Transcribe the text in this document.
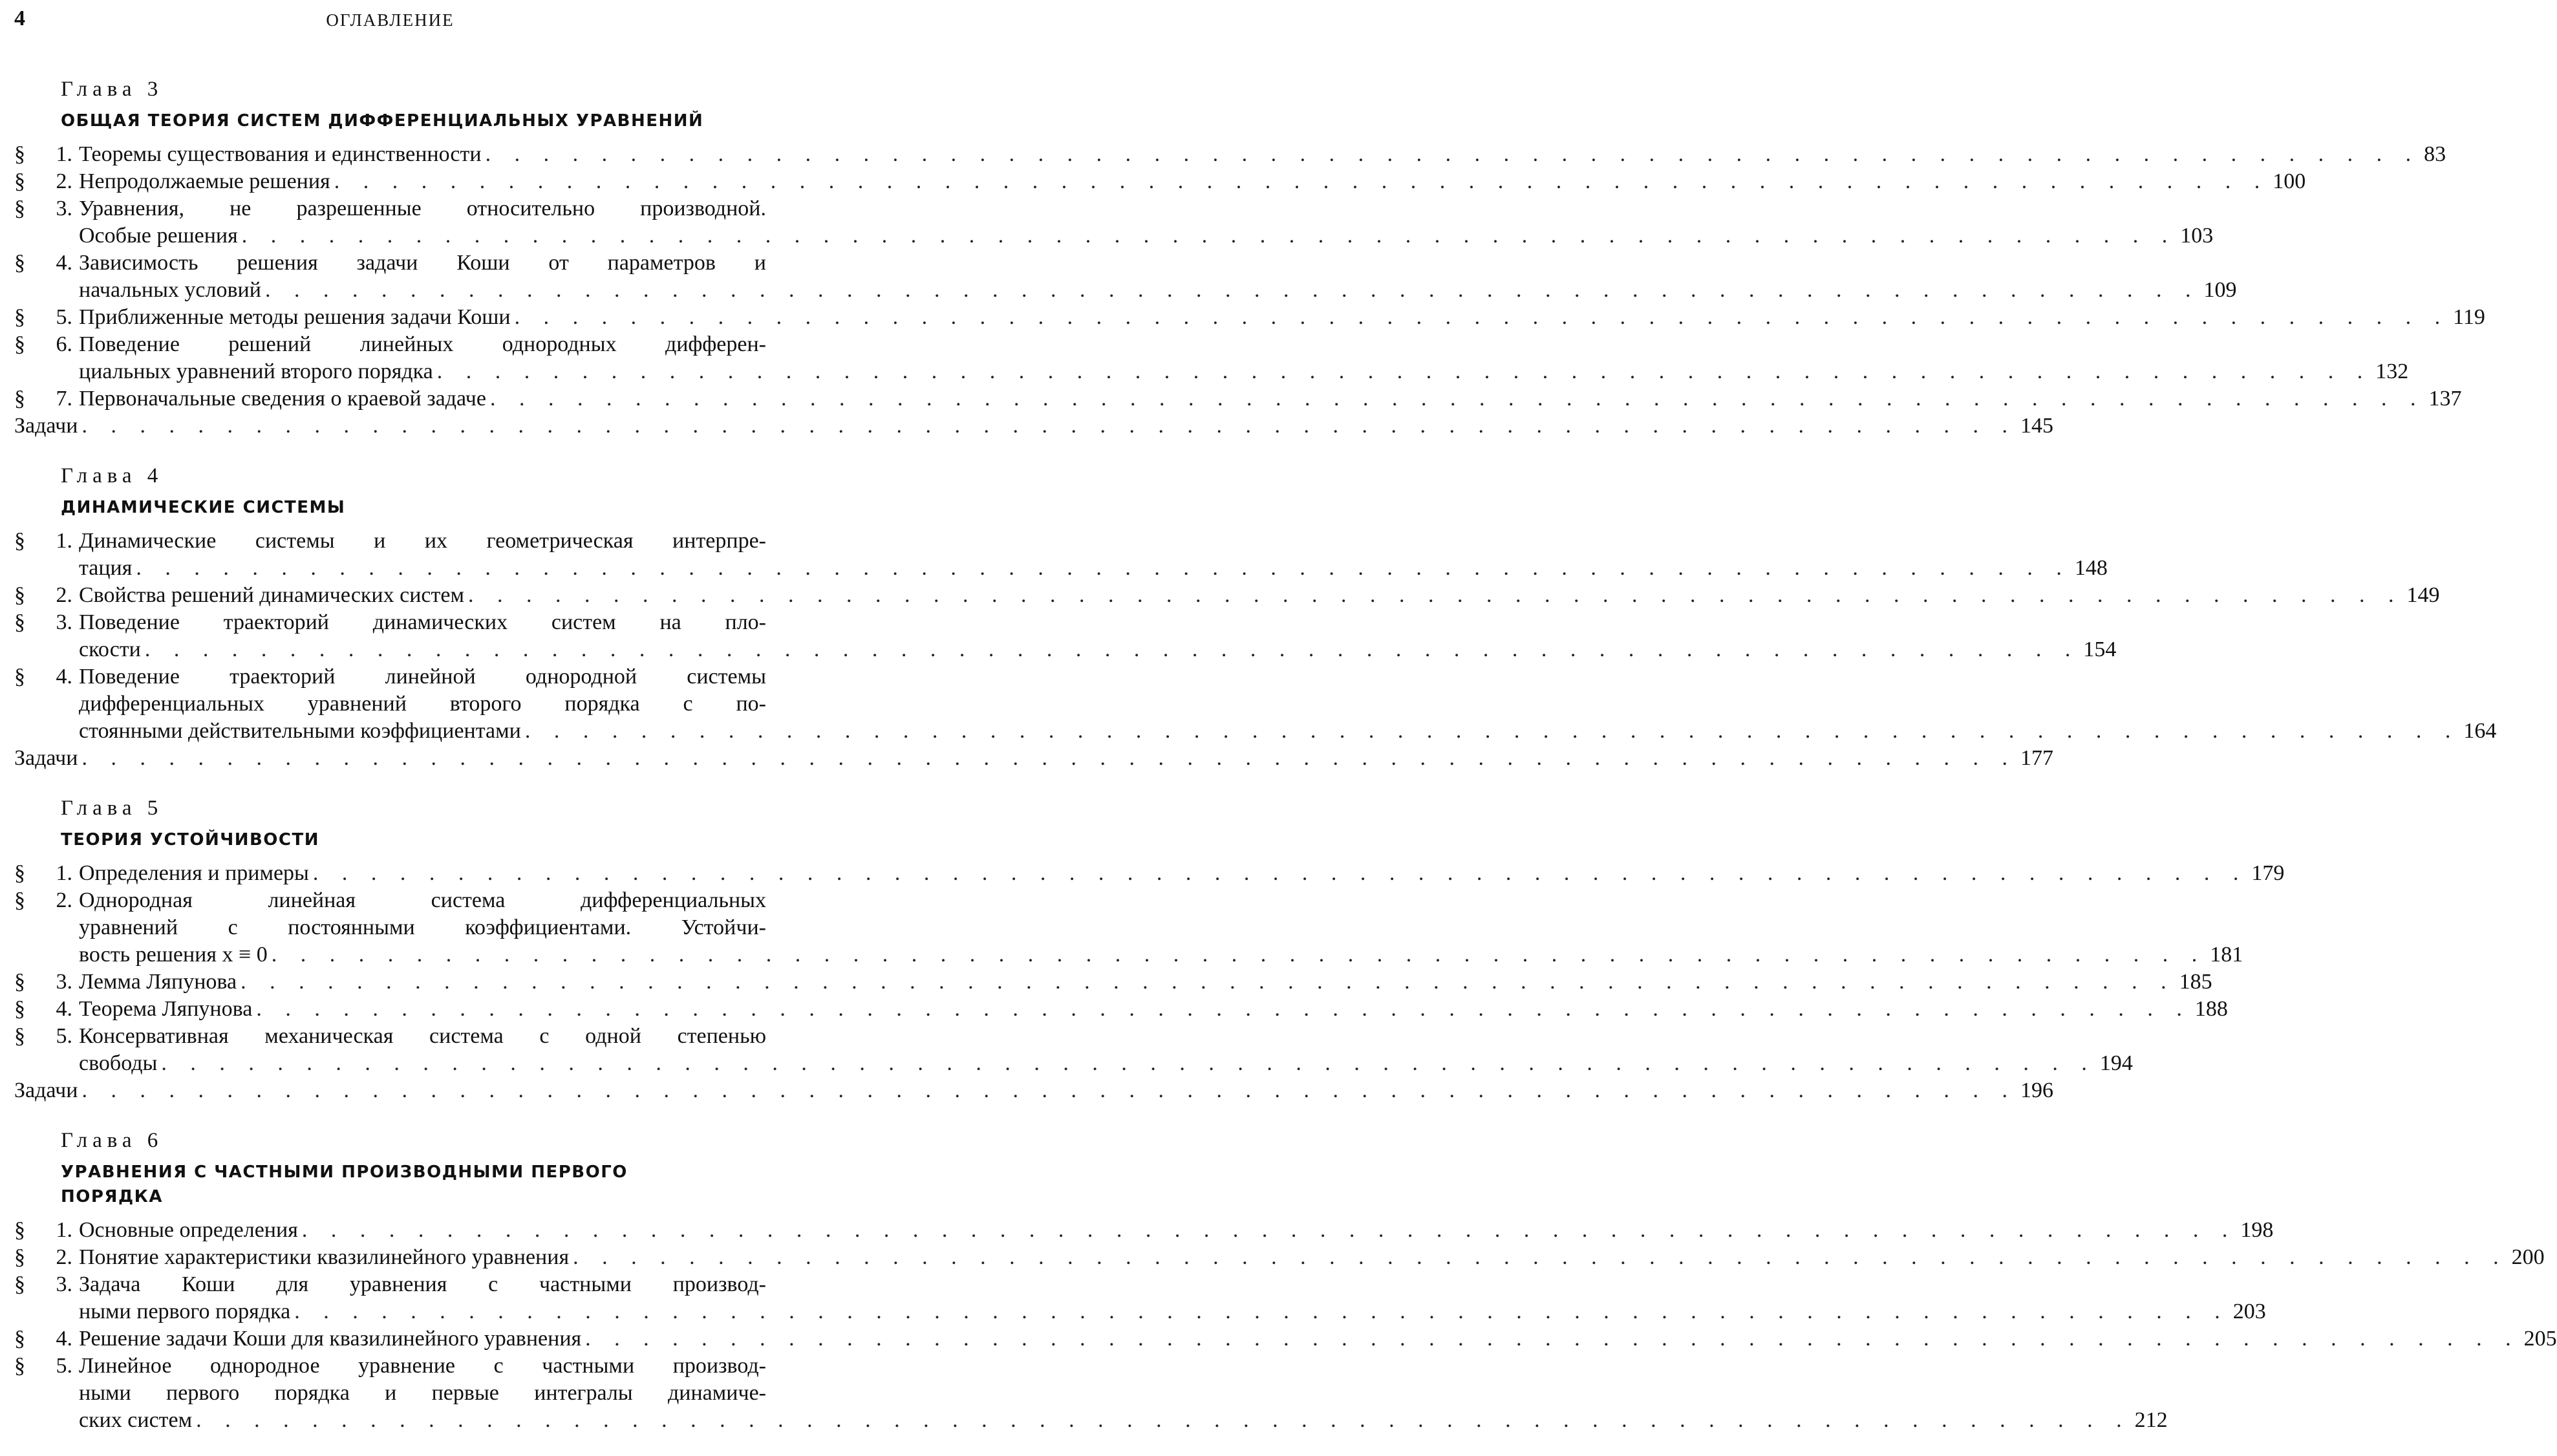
4	ОГЛАВЛЕНИЕ
Глава 3
ОБЩАЯ ТЕОРИЯ СИСТЕМ ДИФФЕРЕНЦИАЛЬНЫХ УРАВНЕНИЙ
§	1. Теоремы существования и единственности . . .	83
§	2. Непродолжаемые решения . . .	100
§	3. Уравнения, не разрешенные относительно производной.
Особые решения . . .	103
§	4. Зависимость решения задачи Коши от параметров и
начальных условий . . .	109
§	5. Приближенные методы решения задачи Коши . . .	119
§	6. Поведение решений линейных однородных дифферен-
циальных уравнений второго порядка . . .	132
§	7. Первоначальные сведения о краевой задаче . . .	137
Задачи . . .	145
Глава 4
ДИНАМИЧЕСКИЕ СИСТЕМЫ
§	1. Динамические системы и их геометрическая интерпре-
тация . . .	148
§	2. Свойства решений динамических систем . . .	149
§	3. Поведение траекторий динамических систем на пло-
скости . . .	154
§	4. Поведение траекторий линейной однородной системы
дифференциальных уравнений второго порядка с по-
стоянными действительными коэффициентами . . .	164
Задачи . . .	177
Глава 5
ТЕОРИЯ УСТОЙЧИВОСТИ
§	1. Определения и примеры . . .	179
§	2. Однородная линейная система дифференциальных
уравнений с постоянными коэффициентами. Устойчи-
вость решения x ≡ 0 . . .	181
§	3. Лемма Ляпунова . . .	185
§	4. Теорема Ляпунова . . .	188
§	5. Консервативная механическая система с одной степенью
свободы . . .	194
Задачи . . .	196
Глава 6
УРАВНЕНИЯ С ЧАСТНЫМИ ПРОИЗВОДНЫМИ ПЕРВОГО ПОРЯДКА
§	1. Основные определения . . .	198
§	2. Понятие характеристики квазилинейного уравнения . . .	200
§	3. Задача Коши для уравнения с частными производ-
ными первого порядка . . .	203
§	4. Решение задачи Коши для квазилинейного уравнения . . .	205
§	5. Линейное однородное уравнение с частными производ-
ными первого порядка и первые интегралы динамиче-
ских систем . . .	212
